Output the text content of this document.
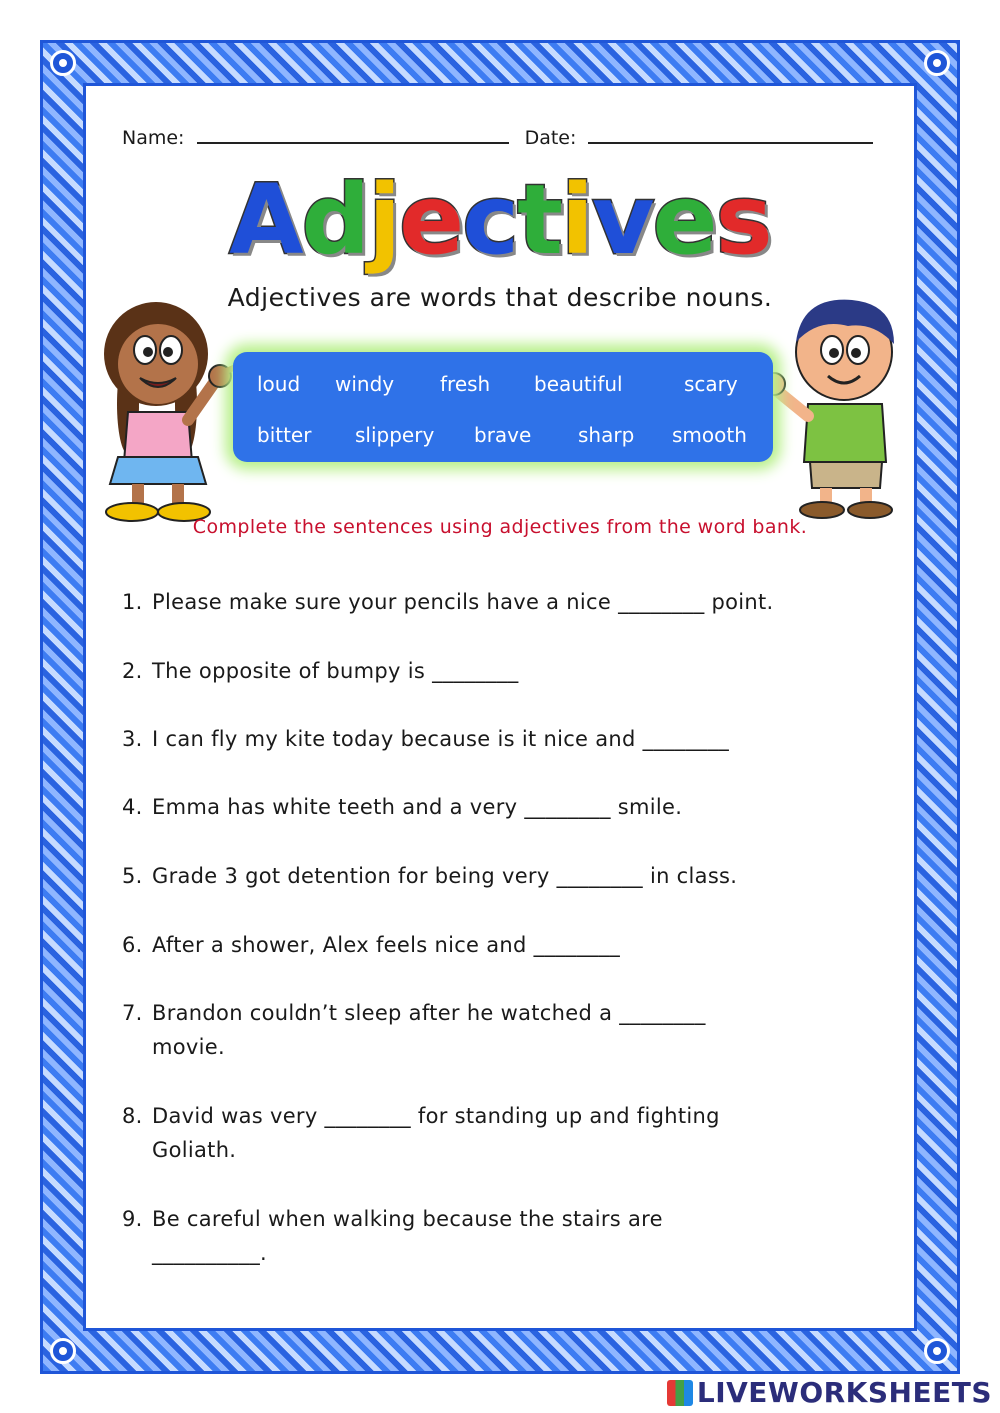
Name:	Date:
Adjectives
Adjectives are words that describe nouns.
loud windy fresh beautiful	scary
bitter slippery brave sharp smooth
Complete the sentences using adjectives from the word bank.
1. Please make sure your pencils have a nice ________ point.
2. The opposite of bumpy is ________
3. I can fly my kite today because is it nice and ________
4. Emma has white teeth and a very ________ smile.
5. Grade 3 got detention for being very ________ in class.
6. After a shower, Alex feels nice and ________
7. Brandon couldn’t sleep after he watched a ________
movie.
8. David was very ________ for standing up and fighting
Goliath.
9. Be careful when walking because the stairs are
__________.
LIVEWORKSHEETS
